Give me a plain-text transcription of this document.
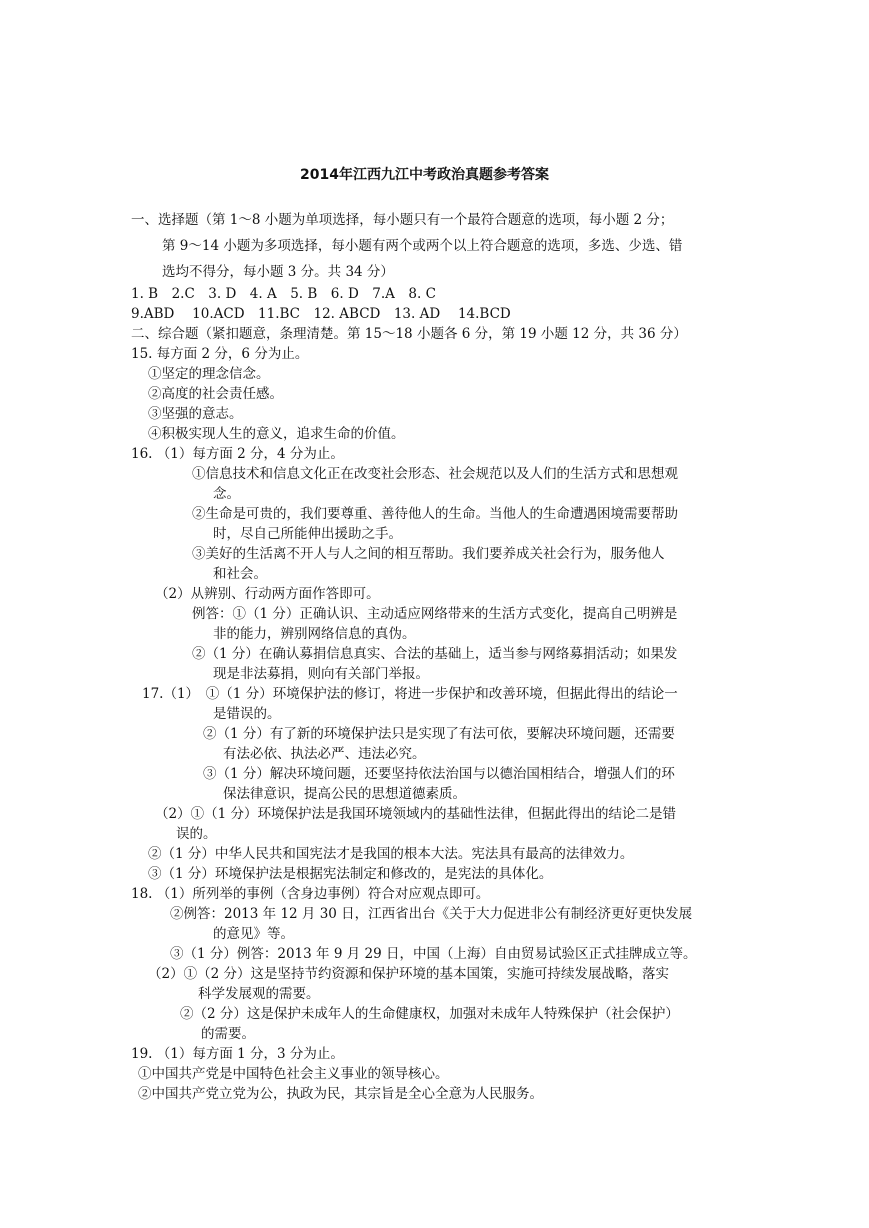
2014年江西九江中考政治真题参考答案
一、选择题（第 1～8 小题为单项选择，每小题只有一个最符合题意的选项，每小题 2 分；
第 9～14 小题为多项选择，每小题有两个或两个以上符合题意的选项，多选、少选、错
选均不得分，每小题 3 分。共 34 分）
1. B　2.C　3. D　4. A　5. B　6. D　7.A　8. C
9.ABD　 10.ACD　11.BC　12. ABCD　13. AD　 14.BCD
二、综合题（紧扣题意，条理清楚。第 15～18 小题各 6 分，第 19 小题 12 分，共 36 分）
15. 每方面 2 分，6 分为止。
①坚定的理念信念。
②高度的社会责任感。
③坚强的意志。
④积极实现人生的意义，追求生命的价值。
16. （1）每方面 2 分，4 分为止。
①信息技术和信息文化正在改变社会形态、社会规范以及人们的生活方式和思想观
念。
②生命是可贵的，我们要尊重、善待他人的生命。当他人的生命遭遇困境需要帮助
时，尽自己所能伸出援助之手。
③美好的生活离不开人与人之间的相互帮助。我们要养成关社会行为，服务他人
和社会。
（2）从辨别、行动两方面作答即可。
例答：①（1 分）正确认识、主动适应网络带来的生活方式变化，提高自己明辨是
非的能力，辨别网络信息的真伪。
②（1 分）在确认募捐信息真实、合法的基础上，适当参与网络募捐活动；如果发
现是非法募捐，则向有关部门举报。
17.（1）　①（1 分）环境保护法的修订，将进一步保护和改善环境，但据此得出的结论一
是错误的。
②（1 分）有了新的环境保护法只是实现了有法可依，要解决环境问题，还需要
有法必依、执法必严、违法必究。
③（1 分）解决环境问题，还要坚持依法治国与以德治国相结合，增强人们的环
保法律意识，提高公民的思想道德素质。
（2）①（1 分）环境保护法是我国环境领域内的基础性法律，但据此得出的结论二是错
误的。
②（1 分）中华人民共和国宪法才是我国的根本大法。宪法具有最高的法律效力。
③（1 分）环境保护法是根据宪法制定和修改的，是宪法的具体化。
18. （1）所列举的事例（含身边事例）符合对应观点即可。
②例答：2013 年 12 月 30 日，江西省出台《关于大力促进非公有制经济更好更快发展
的意见》等。
③（1 分）例答：2013 年 9 月 29 日，中国（上海）自由贸易试验区正式挂牌成立等。
（2）①（2 分）这是坚持节约资源和保护环境的基本国策，实施可持续发展战略，落实
科学发展观的需要。
②（2 分）这是保护未成年人的生命健康权，加强对未成年人特殊保护（社会保护）
的需要。
19. （1）每方面 1 分，3 分为止。
①中国共产党是中国特色社会主义事业的领导核心。
②中国共产党立党为公，执政为民，其宗旨是全心全意为人民服务。
